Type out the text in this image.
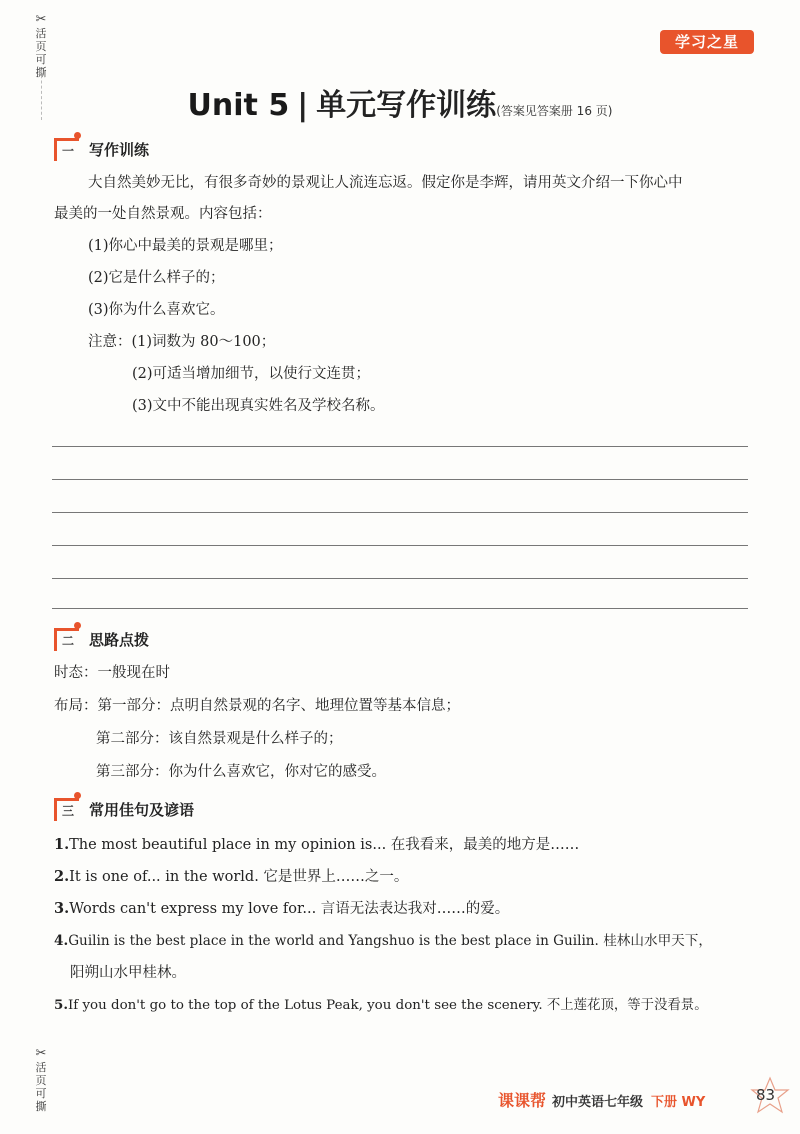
✂
活页可撕
✂
活页可撕
学习之星
Unit 5 | 单元写作训练(答案见答案册 16 页)
一	写作训练
大自然美妙无比，有很多奇妙的景观让人流连忘返。假定你是李辉，请用英文介绍一下你心中
最美的一处自然景观。内容包括：
(1)你心中最美的景观是哪里；
(2)它是什么样子的；
(3)你为什么喜欢它。
注意：(1)词数为 80～100；
(2)可适当增加细节，以使行文连贯；
(3)文中不能出现真实姓名及学校名称。
二	思路点拨
时态：一般现在时
布局：第一部分：点明自然景观的名字、地理位置等基本信息；
第二部分：该自然景观是什么样子的；
第三部分：你为什么喜欢它，你对它的感受。
三	常用佳句及谚语
1.The most beautiful place in my opinion is... 在我看来，最美的地方是……
2.It is one of... in the world. 它是世界上……之一。
3.Words can't express my love for... 言语无法表达我对……的爱。
4.Guilin is the best place in the world and Yangshuo is the best place in Guilin. 桂林山水甲天下，
阳朔山水甲桂林。
5.If you don't go to the top of the Lotus Peak, you don't see the scenery. 不上莲花顶，等于没看景。
课课帮 初中英语七年级 下册 WY	83
